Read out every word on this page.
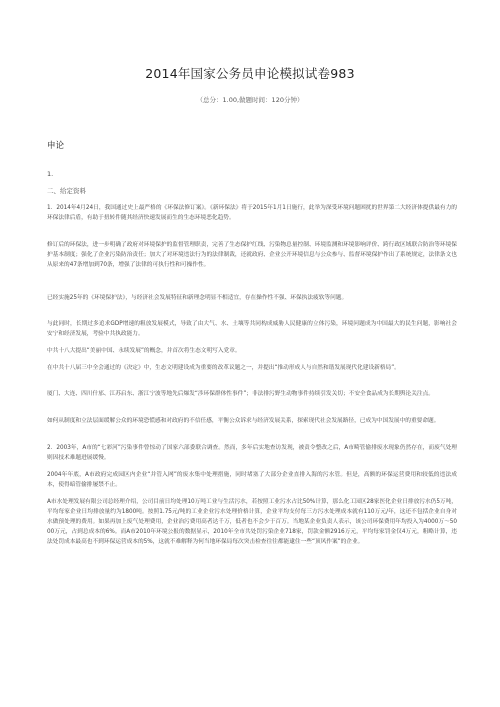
2014年国家公务员申论模拟试卷983
（总分：1.00,做题时间：120分钟）
申论
1.
二、给定资料

1．2014年4月24日，我国通过史上最严格的《环保法修订案》。《新环保法》将于2015年1月1日施行，此举为深受环境问题困扰的世界第二大经济体提供最有力的环保法律后盾，有助于扭转件随其经济快速发展而生的生态环境恶化趋势。

修订后的环保法，进一步明确了政府对环境保护的监督管理职责，完善了生态保护红线、污染物总量控制、环境监测和环境影响评价、跨行政区域联合防治等环境保护基本制度；强化了企业污染防治责任；加大了对环境违法行为的法律制裁，还就政府、企业公开环境信息与公众参与、监督环境保护作出了系统规定，法律条文也从原来的47条增加到70条，增强了法律的可执行性和可操作性。

已经实施25年的《环境保护法》，与经济社会发展特征和新理念明显不相适宜，存在操作性不强、环保执法疲软等问题。

与此同时，长期过多追求GDP增速的粗放发展模式，导致了由大气、水、土壤等共同构成威胁人民健康的立体污染，环境问题成为中国最大的民生问题，影响社会安宁和经济发展，考验中共执政能力。

中共十八大提出“美丽中国、永续发展”的概念，并首次将生态文明写入党章。

在中共十八届三中全会通过的《决定》中，生态文明建设成为重要的改革议题之一，并提出“推动形成人与自然和谐发展现代化建设新格局”。

厦门、大连、四川什邡、江苏启东、浙江宁波等地先后爆发“涉环保群体性事件”；非法排污野生动物事件持续引发关切；不安全食品成为长期舆论关注点。

如何从制度和立法层面缓解公众的环境恐慌感和对政府的不信任感，平衡公众诉求与经济发展关系，探索现代社会发展路径，已成为中国发展中的重要命题。

2．2003年，A市的“七彩河”污染事件曾惊动了国家六部委联合调查。然而，多年后实地查访发现，被责令整改之后，A市畸管偷排废水现象仍然存在，而废气处理则因技术难题进展缓慢。

2004年年底，A市政府完成园区内企业“并管入网”的废水集中处理措施，同时堵塞了大部分企业直排入海的污水管。但是，高额的环保运营费用和较低的违法成本，使得暗管偷排屡禁不止。

A市水处理发展有限公司总经理介绍，公司目前日均处理10万吨工业与生活污水，若按照工业污水占比50%计算，那么化工园区28家医化企业日排放污水仍5万吨，平均每家企业日均排放量约为1800吨。按照1.75元/吨的工业企业污水处理价格计算，企业平均支付每三方污水处理成本就有110万元/年，这还不包括企业自身对水做预处理的费用。如果再加上废气处理费用，企业治污费用高者达千万，低者也不会少于百万。当地某企业负责人表示，该公司环保费用年均投入为4000万～5000万元，占到总成本的6%。而A市2010年环境公报的数据显示，2010年全市共处罚污染企业718家，罚款金额2916万元，平均每家罚金仅4万元，粗略计算，违法处罚成本最高也不到环保运营成本的5%，这就不难解释为何当地环保局每次突击检查往往都能逮住一些“顶风作案”的企业。
